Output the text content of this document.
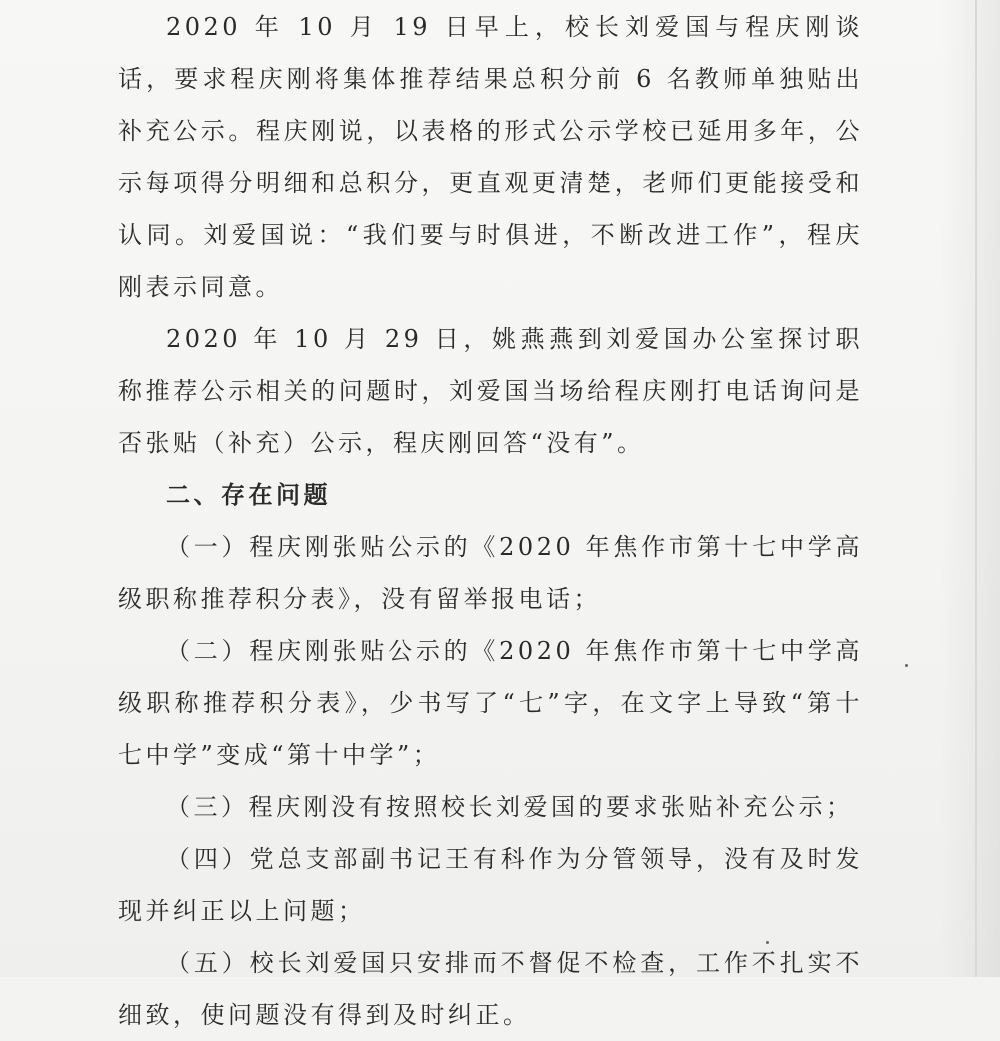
2020 年 10 月 19 日早上，校长刘爱国与程庆刚谈话，要求程庆刚将集体推荐结果总积分前 6 名教师单独贴出补充公示。程庆刚说，以表格的形式公示学校已延用多年，公示每项得分明细和总积分，更直观更清楚，老师们更能接受和认同。刘爱国说：“我们要与时俱进，不断改进工作”，程庆刚表示同意。

2020 年 10 月 29 日，姚燕燕到刘爱国办公室探讨职称推荐公示相关的问题时，刘爱国当场给程庆刚打电话询问是否张贴（补充）公示，程庆刚回答“没有”。

二、存在问题

（一）程庆刚张贴公示的《2020 年焦作市第十七中学高级职称推荐积分表》，没有留举报电话；

（二）程庆刚张贴公示的《2020 年焦作市第十七中学高级职称推荐积分表》，少书写了“七”字，在文字上导致“第十七中学”变成“第十中学”；

（三）程庆刚没有按照校长刘爱国的要求张贴补充公示；

（四）党总支部副书记王有科作为分管领导，没有及时发现并纠正以上问题；

（五）校长刘爱国只安排而不督促不检查，工作不扎实不细致，使问题没有得到及时纠正。
